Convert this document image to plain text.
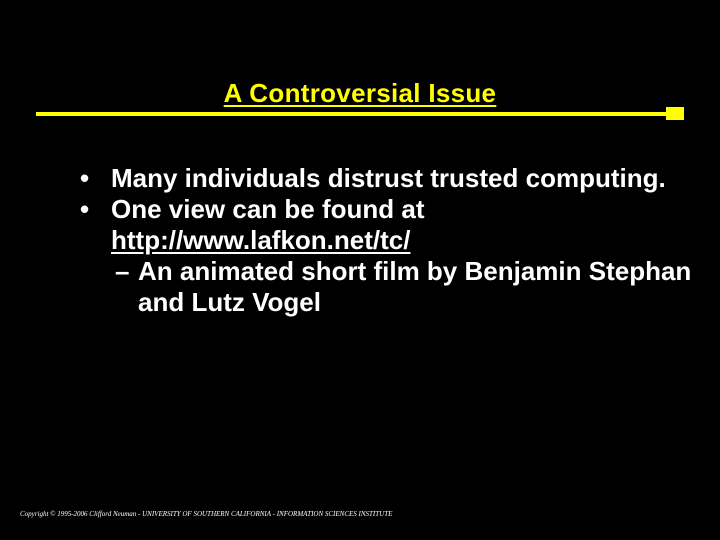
A Controversial Issue
• Many individuals distrust trusted computing.
• One view can be found at
http://www.lafkon.net/tc/
– An animated short film by Benjamin Stephan and Lutz Vogel
Copyright © 1995-2006 Clifford Neuman - UNIVERSITY OF SOUTHERN CALIFORNIA - INFORMATION SCIENCES INSTITUTE
